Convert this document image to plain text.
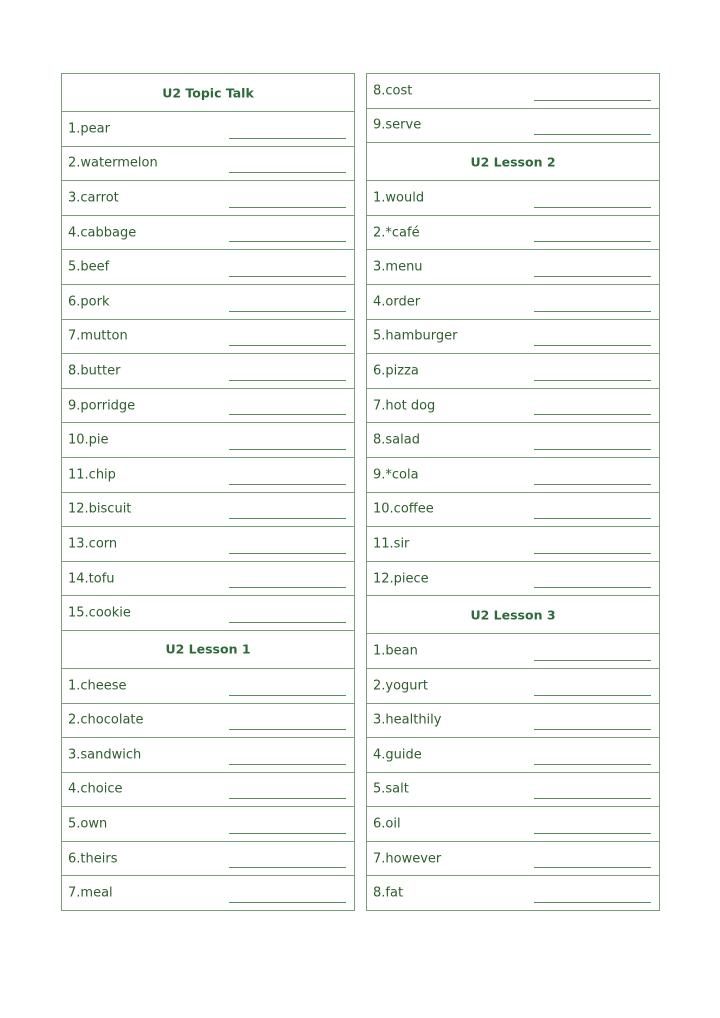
U2 Topic Talk
1.pear
2.watermelon
3.carrot
4.cabbage
5.beef
6.pork
7.mutton
8.butter
9.porridge
10.pie
11.chip
12.biscuit
13.corn
14.tofu
15.cookie
U2 Lesson 1
1.cheese
2.chocolate
3.sandwich
4.choice
5.own
6.theirs
7.meal
8.cost
9.serve
U2 Lesson 2
1.would
2.*café
3.menu
4.order
5.hamburger
6.pizza
7.hot dog
8.salad
9.*cola
10.coffee
11.sir
12.piece
U2 Lesson 3
1.bean
2.yogurt
3.healthily
4.guide
5.salt
6.oil
7.however
8.fat
